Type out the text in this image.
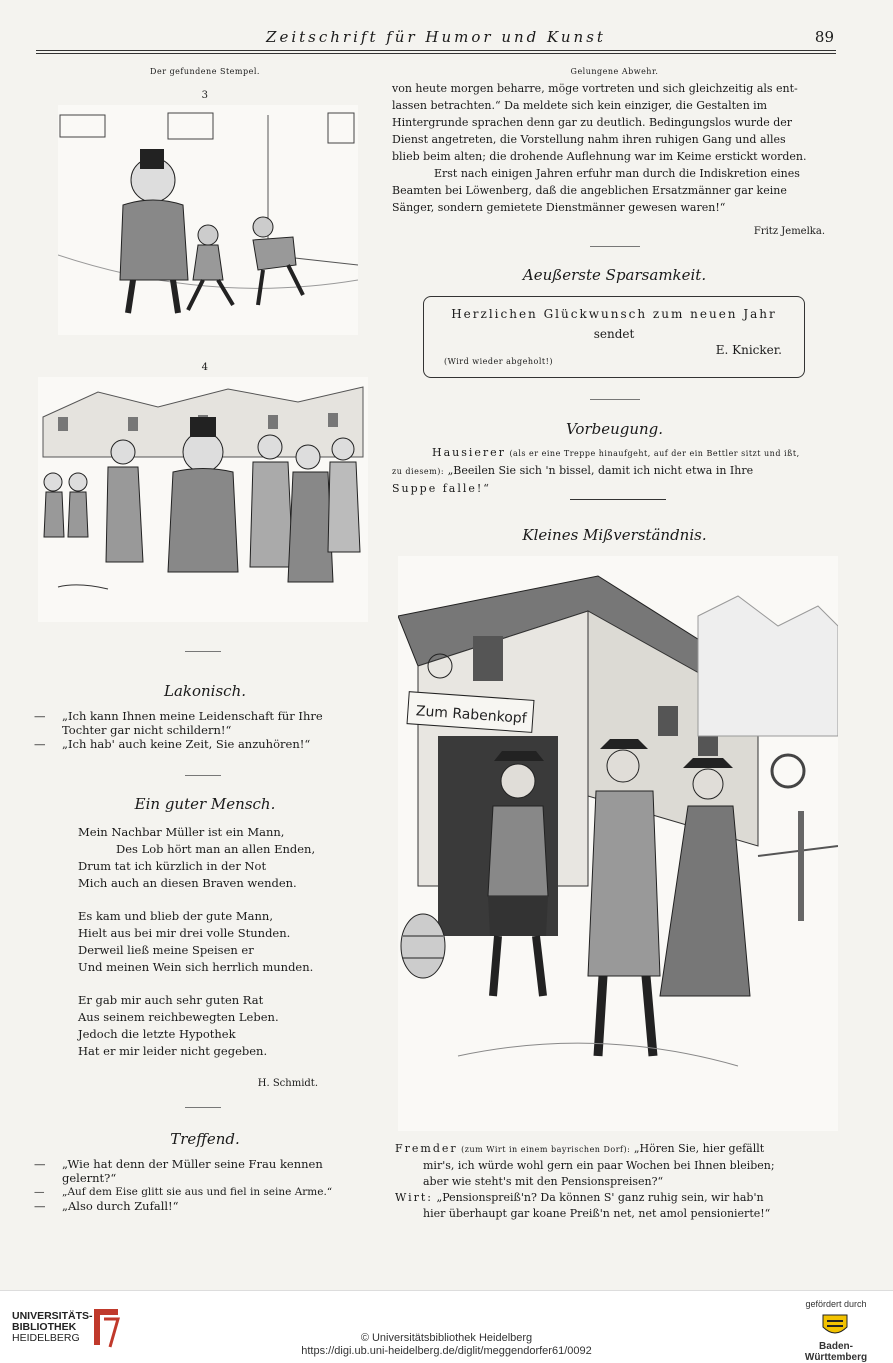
Zeitschrift für Humor und Kunst	89
Der gefundene Stempel.
3
4
Lakonisch.
— „Ich kann Ihnen meine Leidenschaft für Ihre
Tochter gar nicht schildern!“
— „Ich hab' auch keine Zeit, Sie anzuhören!“
Ein guter Mensch.
Mein Nachbar Müller ist ein Mann,
Des Lob hört man an allen Enden,
Drum tat ich kürzlich in der Not
Mich auch an diesen Braven wenden.
Es kam und blieb der gute Mann,
Hielt aus bei mir drei volle Stunden.
Derweil ließ meine Speisen er
Und meinen Wein sich herrlich munden.
Er gab mir auch sehr guten Rat
Aus seinem reichbewegten Leben.
Jedoch die letzte Hypothek
Hat er mir leider nicht gegeben.
H. Schmidt.
Treffend.
— „Wie hat denn der Müller seine Frau kennen
gelernt?“
— „Auf dem Eise glitt sie aus und fiel in seine Arme.“
— „Also durch Zufall!“
Gelungene Abwehr.
von heute morgen beharre, möge vortreten und sich gleichzeitig als ent-
lassen betrachten.“ Da meldete sich kein einziger, die Gestalten im
Hintergrunde sprachen denn gar zu deutlich. Bedingungslos wurde der
Dienst angetreten, die Vorstellung nahm ihren ruhigen Gang und alles
blieb beim alten; die drohende Auflehnung war im Keime erstickt worden.
Erst nach einigen Jahren erfuhr man durch die Indiskretion eines
Beamten bei Löwenberg, daß die angeblichen Ersatzmänner gar keine
Sänger, sondern gemietete Dienstmänner gewesen waren!“
Fritz Jemelka.
Aeußerste Sparsamkeit.
Herzlichen Glückwunsch zum neuen Jahr
sendet
E. Knicker.
(Wird wieder abgeholt!)
Vorbeugung.
Hausierer (als er eine Treppe hinaufgeht, auf der ein Bettler sitzt und ißt,
zu diesem): „Beeilen Sie sich 'n bissel, damit ich nicht etwa in Ihre
Suppe falle!“
Kleines Mißverständnis.
Zum Rabenkopf
Fremder (zum Wirt in einem bayrischen Dorf): „Hören Sie, hier gefällt
mir's, ich würde wohl gern ein paar Wochen bei Ihnen bleiben;
aber wie steht's mit den Pensionspreisen?“
Wirt: „Pensionspreiß'n? Da können S' ganz ruhig sein, wir hab'n
hier überhaupt gar koane Preiß'n net, net amol pensionierte!“
UNIVERSITÄTS-
BIBLIOTHEK
HEIDELBERG	© Universitätsbibliothek Heidelberg
https://digi.ub.uni-heidelberg.de/diglit/meggendorfer61/0092
gefördert durch
Baden-Württemberg
